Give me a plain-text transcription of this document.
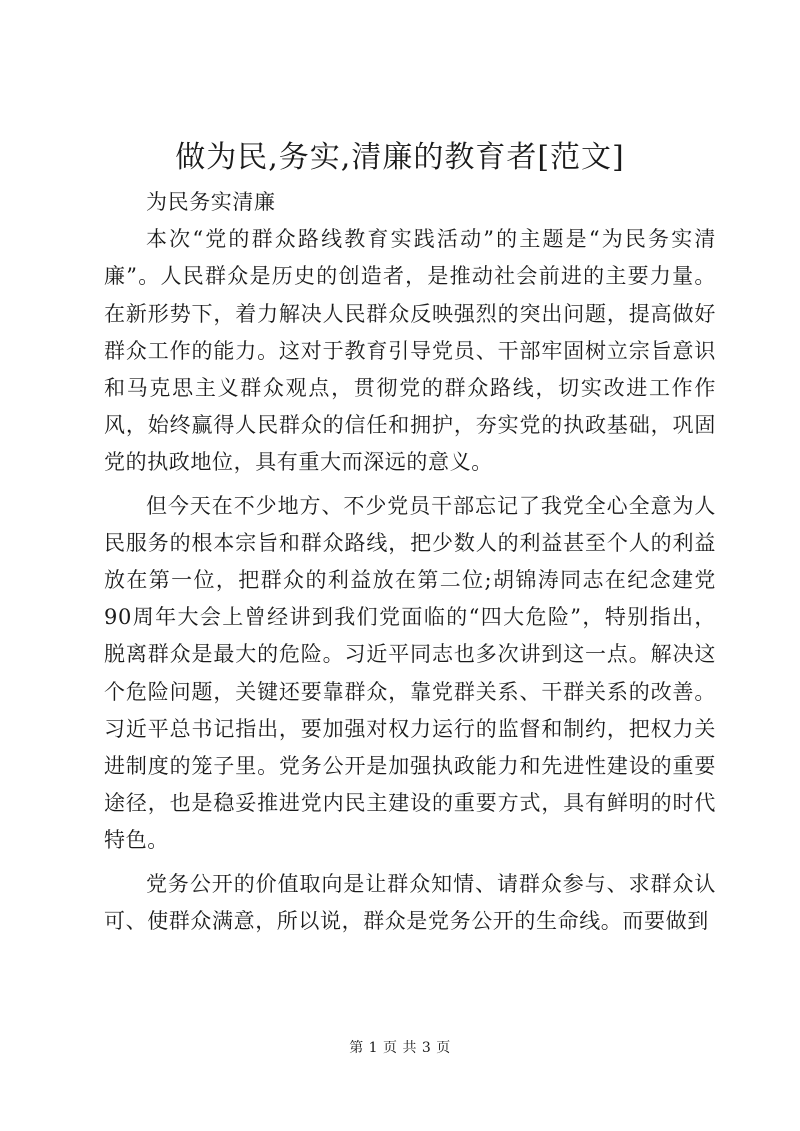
做为民,务实,清廉的教育者[范文]

为民务实清廉

本次“党的群众路线教育实践活动”的主题是“为民务实清廉”。人民群众是历史的创造者，是推动社会前进的主要力量。在新形势下，着力解决人民群众反映强烈的突出问题，提高做好群众工作的能力。这对于教育引导党员、干部牢固树立宗旨意识和马克思主义群众观点，贯彻党的群众路线，切实改进工作作风，始终赢得人民群众的信任和拥护，夯实党的执政基础，巩固党的执政地位，具有重大而深远的意义。

但今天在不少地方、不少党员干部忘记了我党全心全意为人民服务的根本宗旨和群众路线，把少数人的利益甚至个人的利益放在第一位，把群众的利益放在第二位;胡锦涛同志在纪念建党90周年大会上曾经讲到我们党面临的“四大危险”，特别指出，脱离群众是最大的危险。习近平同志也多次讲到这一点。解决这个危险问题，关键还要靠群众，靠党群关系、干群关系的改善。习近平总书记指出，要加强对权力运行的监督和制约，把权力关进制度的笼子里。党务公开是加强执政能力和先进性建设的重要途径，也是稳妥推进党内民主建设的重要方式，具有鲜明的时代特色。

党务公开的价值取向是让群众知情、请群众参与、求群众认可、使群众满意，所以说，群众是党务公开的生命线。而要做到

第 1 页 共 3 页
